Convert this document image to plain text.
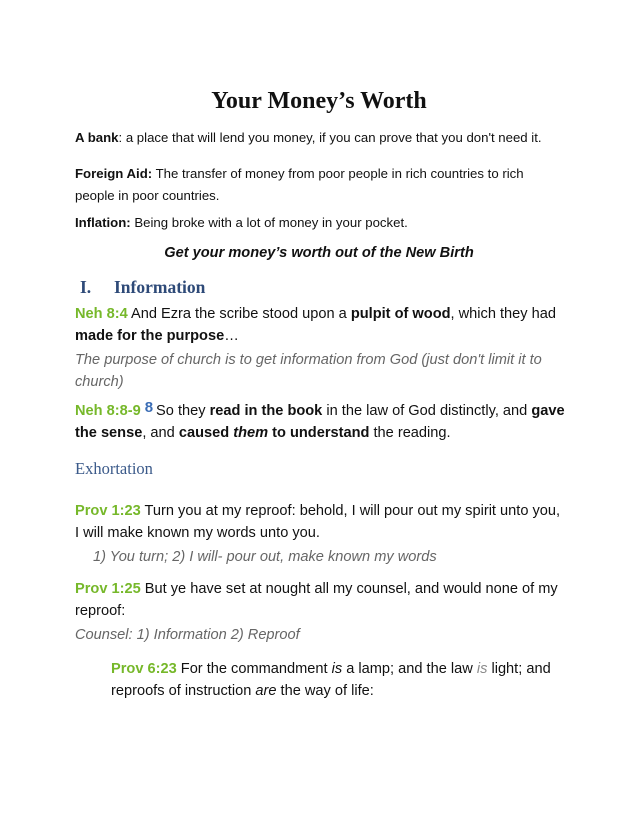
Your Money’s Worth
A bank: a place that will lend you money, if you can prove that you don't need it.
Foreign Aid: The transfer of money from poor people in rich countries to rich people in poor countries.
Inflation: Being broke with a lot of money in your pocket.
Get your money’s worth out of the New Birth
I. Information
Neh 8:4 And Ezra the scribe stood upon a pulpit of wood, which they had made for the purpose…
The purpose of church is to get information from God (just don't limit it to church)
Neh 8:8-9 8 So they read in the book in the law of God distinctly, and gave the sense, and caused them to understand the reading.
Exhortation
Prov 1:23 Turn you at my reproof: behold, I will pour out my spirit unto you, I will make known my words unto you.
1) You turn; 2) I will- pour out, make known my words
Prov 1:25 But ye have set at nought all my counsel, and would none of my reproof:
Counsel: 1) Information 2) Reproof
Prov 6:23 For the commandment is a lamp; and the law is light; and reproofs of instruction are the way of life:
